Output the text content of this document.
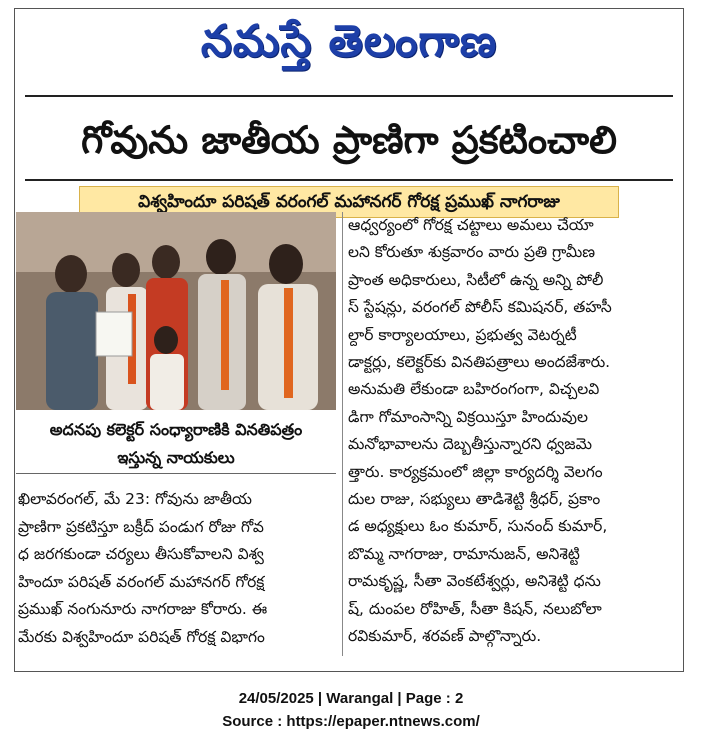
నమస్తే తెలంగాణ
గోవును జాతీయ ప్రాణిగా ప్రకటించాలి
విశ్వహిందూ పరిషత్ వరంగల్ మహానగర్ గోరక్ష ప్రముఖ్ నాగరాజు
అదనపు కలెక్టర్ సంధ్యారాణికి వినతిపత్రం
ఇస్తున్న నాయకులు
ఖిలావరంగల్, మే 23: గోవును జాతీయ
ప్రాణిగా ప్రకటిస్తూ బక్రీద్ పండుగ రోజు గోవ
ధ జరగకుండా చర్యలు తీసుకోవాలని విశ్వ
హిందూ పరిషత్ వరంగల్ మహానగర్ గోరక్ష
ప్రముఖ్ నంగునూరు నాగరాజు కోరారు. ఈ
మేరకు విశ్వహిందూ పరిషత్ గోరక్ష విభాగం
ఆధ్వర్యంలో గోరక్ష చట్టాలు అమలు చేయా
లని కోరుతూ శుక్రవారం వారు ప్రతి గ్రామీణ
ప్రాంత అధికారులు, సిటీలో ఉన్న అన్ని పోలీ
స్ స్టేషన్లు, వరంగల్ పోలీస్ కమిషనర్, తహసీ
ల్దార్ కార్యాలయాలు, ప్రభుత్వ వెటర్నటీ
డాక్టర్లు, కలెక్టర్‌కు వినతిపత్రాలు అందజేశారు.
అనుమతి లేకుండా బహిరంగంగా, విచ్చలవి
డిగా గోమాంసాన్ని విక్రయిస్తూ హిందువుల
మనోభావాలను దెబ్బతీస్తున్నారని ధ్వజమె
త్తారు. కార్యక్రమంలో జిల్లా కార్యదర్శి వెలగం
దుల రాజు, సభ్యులు తాడిశెట్టి శ్రీధర్, ప్రకాం
డ అధ్యక్షులు ఓం కుమార్, సునంద్ కుమార్,
బొమ్మ నాగరాజు, రామానుజన్, అనిశెట్టి
రామకృష్ణ, సీతా వెంకటేశ్వర్లు, అనిశెట్టి ధను
ష్, దుంపల రోహిత్, సీతా కిషన్, నలుబోలా
రవికుమార్, శరవణ్ పాల్గొన్నారు.
24/05/2025 | Warangal | Page : 2
Source : https://epaper.ntnews.com/
